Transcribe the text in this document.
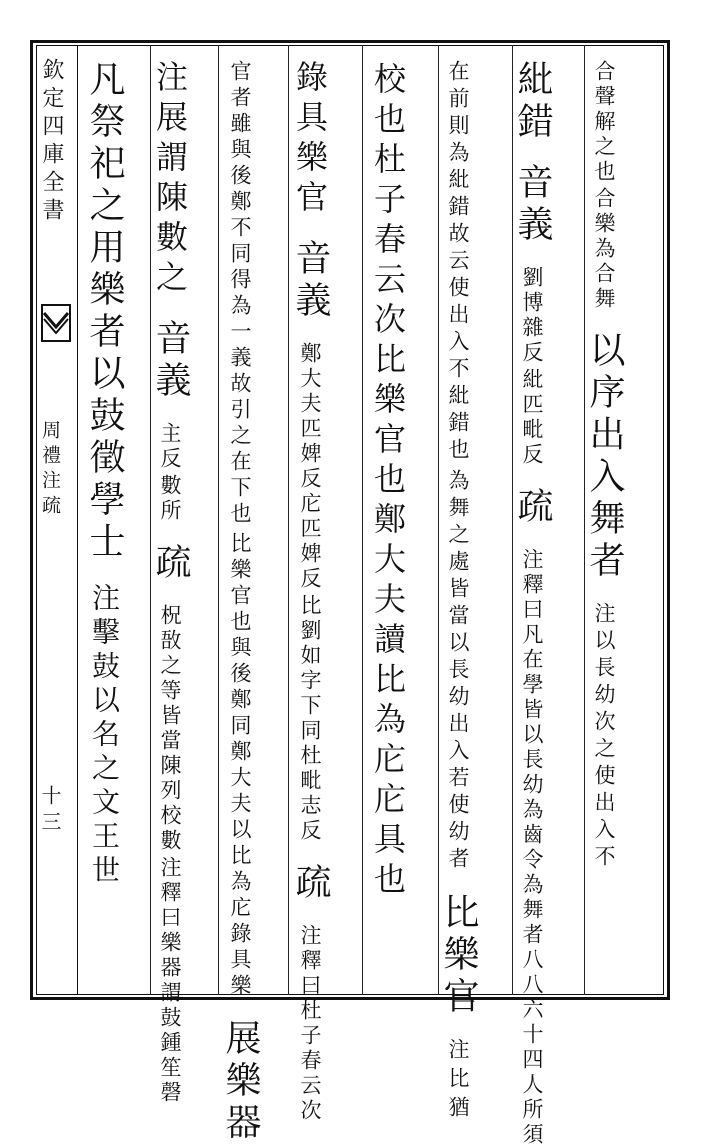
欽定四庫全書
周禮注疏
十三
合樂為合舞
合聲解之也
以序出入舞者 注以長幼次之使出入不
紕錯 音義
紕匹毗反
劉博雜反
疏 注釋曰凡在學皆以長幼為齒令為舞者八八六十四人所須
為舞之處皆當以長幼出入若使幼者
在前則為紕錯故云使出入不紕錯也
比樂官 注比猶
校也杜子春云次比樂官也鄭大夫讀比為庀庀具也
錄具樂官 音義
比劉如字下同杜毗志反
鄭大夫匹婢反庀匹婢反
疏 注釋曰杜子春云次
比樂官也與後鄭同鄭大夫以比為庀錄具樂
官者雖與後鄭不同得為一義故引之在下也
展樂器
注展謂陳數之 音義
數所
主反
疏
注釋曰樂器謂鼓鍾笙磬
柷敔之等皆當陳列校數
凡祭祀之用樂者以鼓徵學士 注擊鼓以名之文王世
